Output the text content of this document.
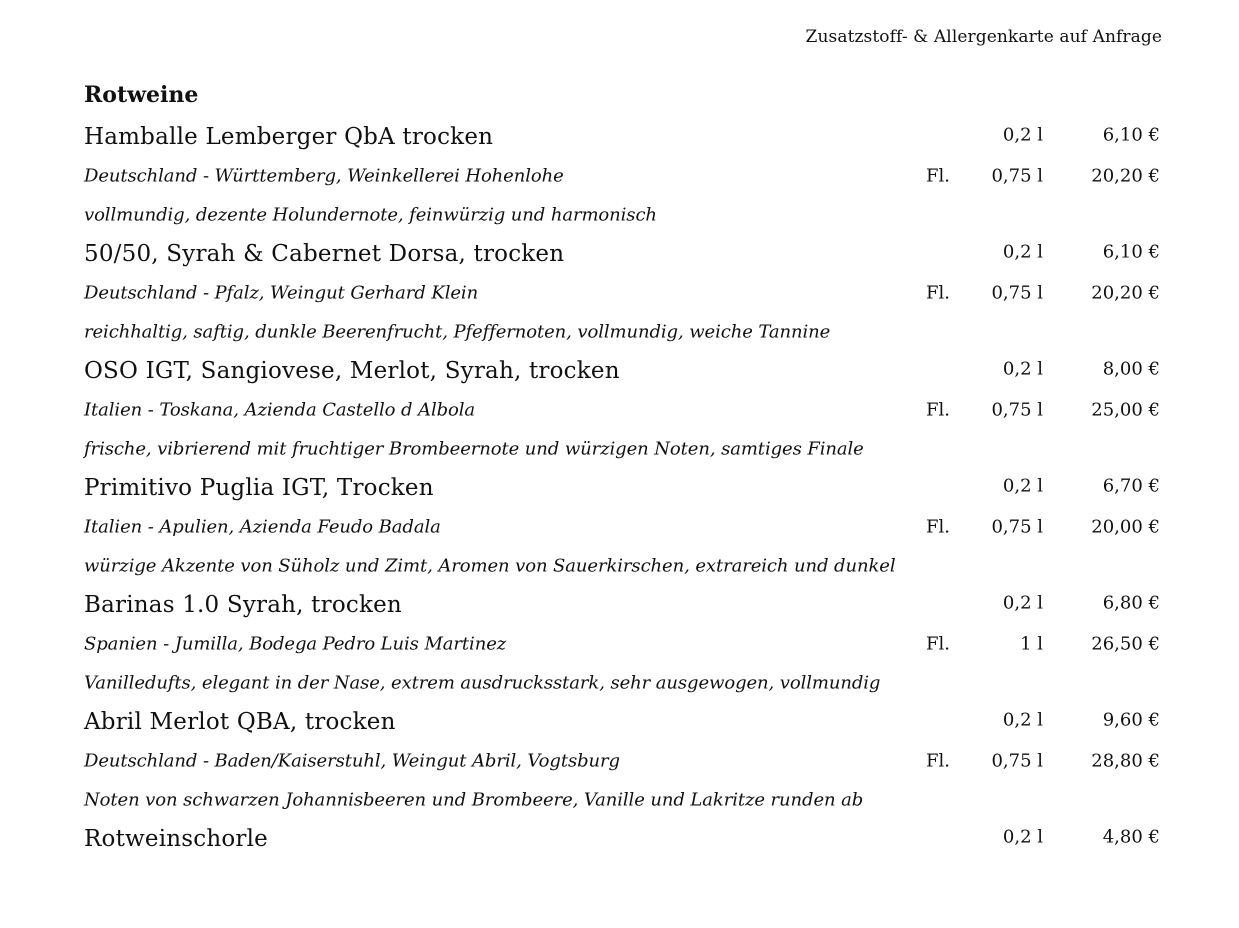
Zusatzstoff- & Allergenkarte auf Anfrage
Rotweine
Hamballe Lemberger QbA trocken	0,2 l	6,10 €
Deutschland - Württemberg, Weinkellerei Hohenlohe	Fl.	0,75 l	20,20 €
vollmundig, dezente Holundernote, feinwürzig und harmonisch
50/50, Syrah & Cabernet Dorsa, trocken	0,2 l	6,10 €
Deutschland - Pfalz, Weingut Gerhard Klein	Fl.	0,75 l	20,20 €
reichhaltig, saftig, dunkle Beerenfrucht, Pfeffernoten, vollmundig, weiche Tannine
OSO IGT, Sangiovese, Merlot, Syrah, trocken	0,2 l	8,00 €
Italien - Toskana, Azienda Castello d Albola	Fl.	0,75 l	25,00 €
frische, vibrierend mit fruchtiger Brombeernote und würzigen Noten, samtiges Finale
Primitivo Puglia IGT, Trocken	0,2 l	6,70 €
Italien - Apulien, Azienda Feudo Badala	Fl.	0,75 l	20,00 €
würzige Akzente von Süholz und Zimt, Aromen von Sauerkirschen, extrareich und dunkel
Barinas 1.0 Syrah, trocken	0,2 l	6,80 €
Spanien - Jumilla, Bodega Pedro Luis Martinez	Fl.	1 l	26,50 €
Vanilledufts, elegant in der Nase, extrem ausdrucksstark, sehr ausgewogen, vollmundig
Abril Merlot QBA, trocken	0,2 l	9,60 €
Deutschland - Baden/Kaiserstuhl, Weingut Abril, Vogtsburg	Fl.	0,75 l	28,80 €
Noten von schwarzen Johannisbeeren und Brombeere, Vanille und Lakritze runden ab
Rotweinschorle	0,2 l	4,80 €
